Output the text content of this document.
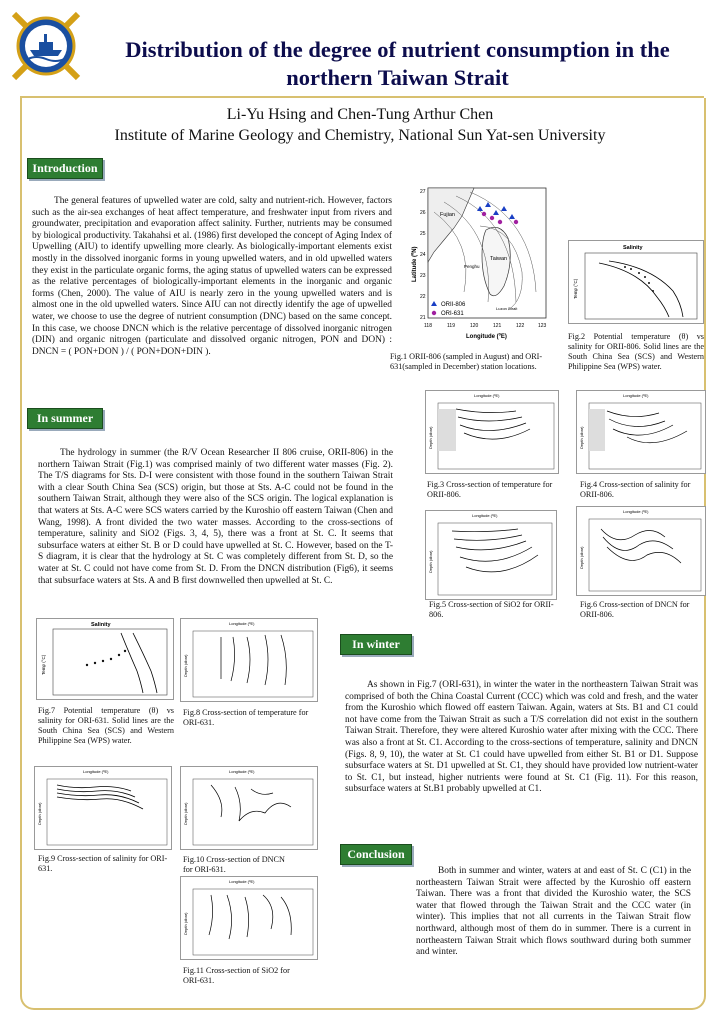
Distribution of the degree of nutrient consumption in the northern Taiwan Strait
Li-Yu Hsing and Chen-Tung Arthur Chen
Institute of Marine Geology and Chemistry, National Sun Yat-sen University
Introduction
The general features of upwelled water are cold, salty and nutrient-rich. However, factors such as the air-sea exchanges of heat affect temperature, and freshwater input from rivers and groundwater, precipitation and evaporation affect salinity. Further, nutrients may be consumed by biological productivity. Takahahsi et al. (1986) first developed the concept of Aging Index of Upwelling (AIU) to identify upwelling more clearly. As biologically-important elements exist mostly in the dissolved inorganic forms in young upwelled waters, and in old upwelled waters they exist in the particulate organic forms, the aging status of upwelled waters can be expressed as the relative percentages of biologically-important elements in the inorganic and organic forms (Chen, 2000). The value of AIU is nearly zero in the young upwelled waters and is almost one in the old upwelled waters. Since AIU can not directly identify the age of upwelled water, we choose to use the degree of nutrient consumption (DNC) based on the same concept. In this case, we choose DNCN which is the relative percentage of dissolved inorganic nitrogen (DIN) and organic nitrogen (particulate and dissolved organic nitrogen, PON and DON) : DNCN = ( PON+DON ) / ( PON+DON+DIN ).
Fujian
Taiwan
Penghu
Luzon Strait
ORII-806
ORI-631
27
26
25
24
23
22
21
118	119	120	121	122	123
Longitude (ºE)
Latitude (ºN)
Fig.1 ORII-806 (sampled in August) and ORI-631(sampled in December) station locations.
Salinity
Temp (°C)
Fig.2 Potential temperature (θ) vs salinity for ORII-806. Solid lines are the South China Sea (SCS) and Western Philippine Sea (WPS) water.
In summer
The hydrology in summer (the R/V Ocean Researcher II 806 cruise, ORII-806) in the northern Taiwan Strait (Fig.1) was comprised mainly of two different water masses (Fig. 2). The T/S diagrams for Sts. D-I were consistent with those found in the southern Taiwan Strait with a clear South China Sea (SCS) origin, but those at Sts. A-C could not be found in the southern Taiwan Strait, although they were also of the SCS origin. The logical explanation is that waters at Sts. A-C were SCS waters carried by the Kuroshio off eastern Taiwan (Chen and Wang, 1998). A front divided the two water masses. According to the cross-sections of temperature, salinity and SiO2 (Figs. 3, 4, 5), there was a front at St. C. It seems that subsurface waters at either St. B or D could have upwelled at St. C. However, based on the T-S diagram, it is clear that the hydrology at St. C was completely different from St. D, so the water at St. C could not have come from St. D. From the DNCN distribution (Fig6), it seems that subsurface waters at Sts. A and B first downwelled then upwelled at St. C.
Longitude (ºE)
Depth (dbar)
Fig.3 Cross-section of temperature for ORII-806.
Longitude (ºE)
Depth (dbar)
Fig.4 Cross-section of salinity for ORII-806.
Longitude (ºE)
Depth (dbar)
Fig.5 Cross-section of SiO2 for ORII-806.
Longitude (ºE)
Depth (dbar)
Fig.6 Cross-section of DNCN for ORII-806.
Salinity
Temp (°C)
Fig.7 Potential temperature (θ) vs salinity for ORI-631. Solid lines are the South China Sea (SCS) and Western Philippine Sea (WPS) water.
Longitude (ºE)
Depth (dbar)
Fig.8 Cross-section of temperature for ORI-631.
In winter
As shown in Fig.7 (ORI-631), in winter the water in the northeastern Taiwan Strait was comprised of both the China Coastal Current (CCC) which was cold and fresh, and the water from the Kuroshio which flowed off eastern Taiwan. Again, waters at Sts. B1 and C1 could not have come from the Taiwan Strait as such a T/S correlation did not exist in the southern Taiwan Strait. Therefore, they were altered Kuroshio water after mixing with the CCC. There was also a front at St. C1. According to the cross-sections of temperature, salinity and DNCN (Figs. 8, 9, 10), the water at St. C1 could have upwelled from either St. B1 or D1. Suppose subsurface waters at St. D1 upwelled at St. C1, they should have provided low nutrient-water to St. C1, but instead, higher nutrients were found at St. C1 (Fig. 11). For this reason, subsurface waters at St.B1 probably upwelled at C1.
Longitude (ºE)
Depth (dbar)
Fig.9 Cross-section of salinity for ORI-631.
Longitude (ºE)
Depth (dbar)
Fig.10 Cross-section of DNCN for ORI-631.
Longitude (ºE)
Depth (dbar)
Fig.11 Cross-section of SiO2 for ORI-631.
Conclusion
Both in summer and winter, waters at and east of St. C (C1) in the northeastern Taiwan Strait were affected by the Kuroshio off eastern Taiwan. There was a front that divided the Kuroshio water, the SCS water that flowed through the Taiwan Strait and the CCC water (in winter). This implies that not all currents in the Taiwan Strait flow northward, although most of them do in summer. There is a current in northeastern Taiwan Strait which flows southward during both summer and winter.
